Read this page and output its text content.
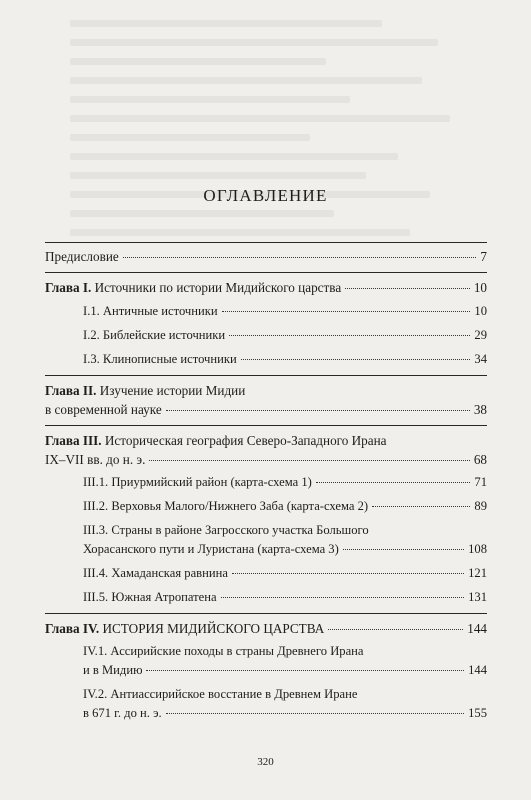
ОГЛАВЛЕНИЕ
Предисловие	7
Глава I. Источники по истории Мидийского царства	10
I.1. Античные источники	10
I.2. Библейские источники	29
I.3. Клинописные источники	34
Глава II. Изучение истории Мидии
в современной науке	38
Глава III. Историческая география Северо-Западного Ирана
IX–VII вв. до н. э.	68
III.1. Приурмийский район (карта-схема 1)	71
III.2. Верховья Малого/Нижнего Заба (карта-схема 2)	89
III.3. Страны в районе Загросского участка Большого
Хорасанского пути и Луристана (карта-схема 3)	108
III.4. Хамаданская равнина	121
III.5. Южная Атропатена	131
Глава IV. ИСТОРИЯ МИДИЙСКОГО ЦАРСТВА	144
IV.1. Ассирийские походы в страны Древнего Ирана
и в Мидию	144
IV.2. Антиассирийское восстание в Древнем Иране
в 671 г. до н. э.	155
320
